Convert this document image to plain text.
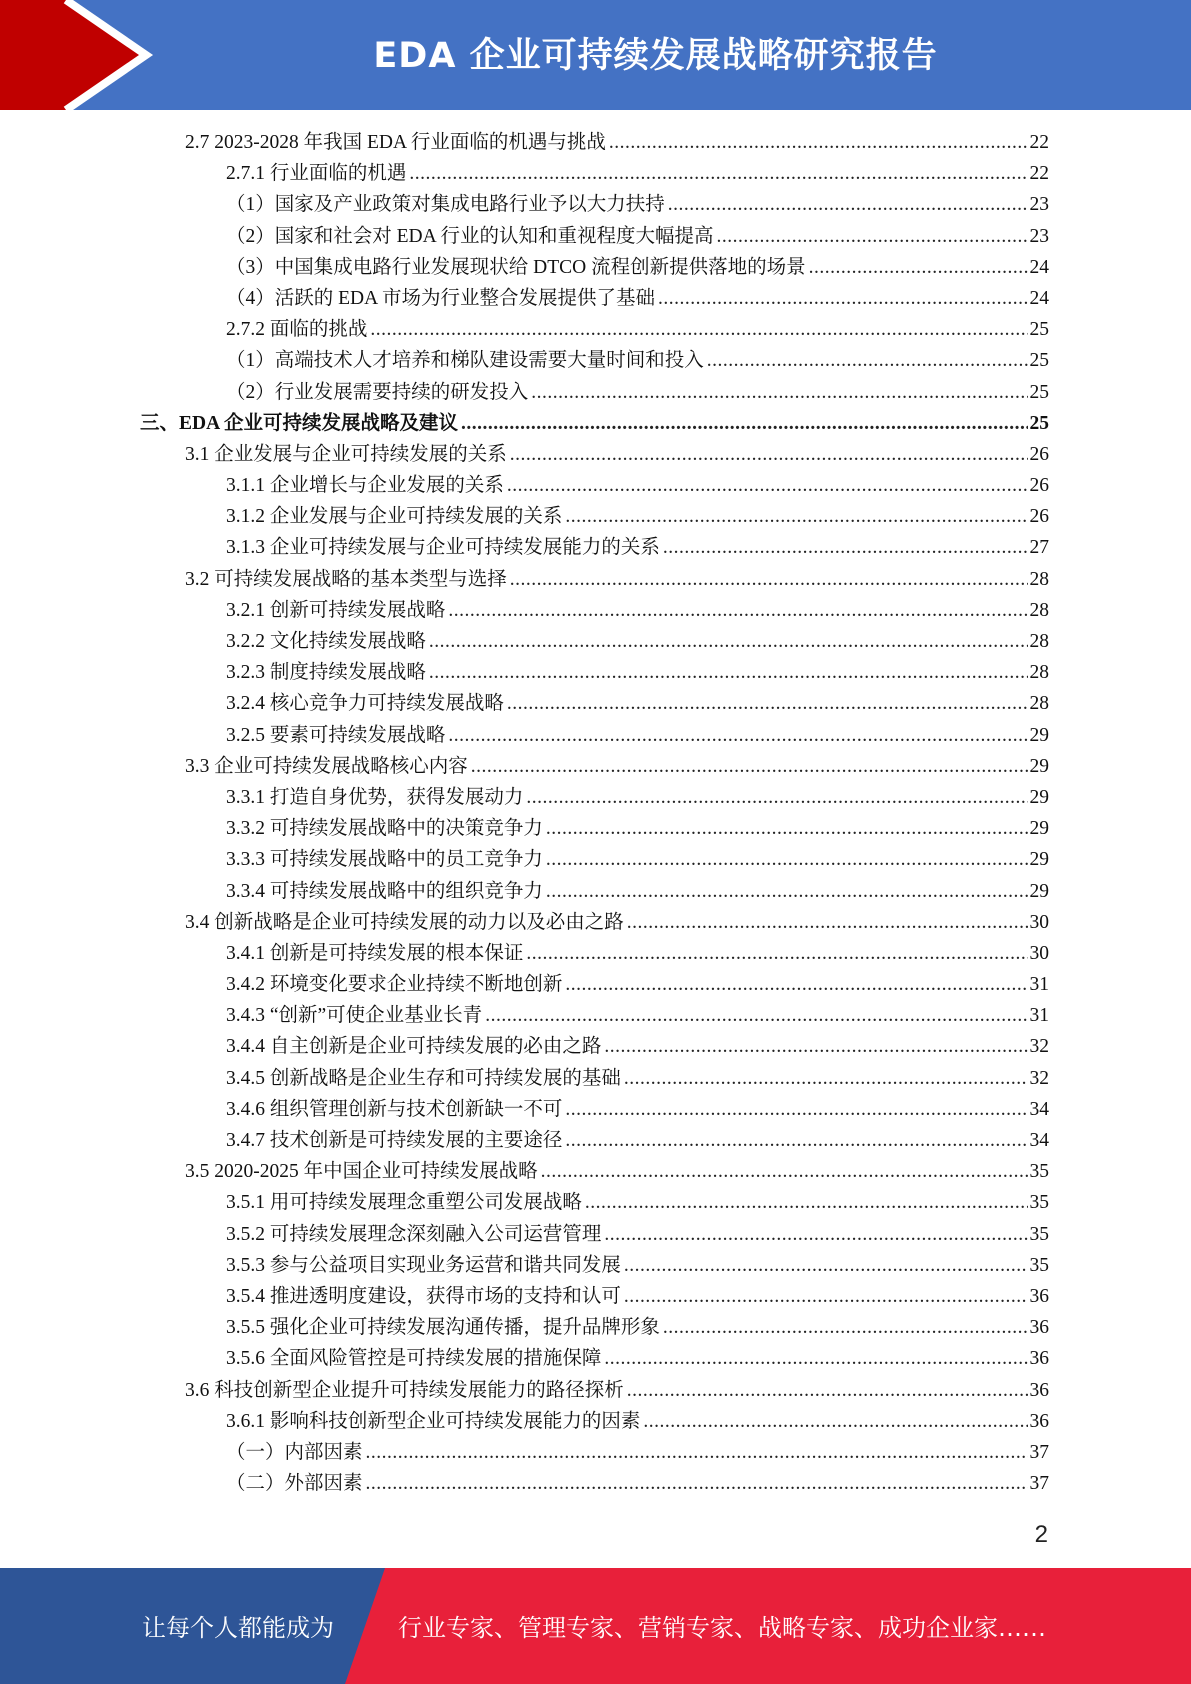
EDA 企业可持续发展战略研究报告
2.7 2023-2028 年我国 EDA 行业面临的机遇与挑战 .....	22
2.7.1 行业面临的机遇 .....	22
（1）国家及产业政策对集成电路行业予以大力扶持 .....	23
（2）国家和社会对 EDA 行业的认知和重视程度大幅提高 .....	23
（3）中国集成电路行业发展现状给 DTCO 流程创新提供落地的场景 .....	24
（4）活跃的 EDA 市场为行业整合发展提供了基础 .....	24
2.7.2 面临的挑战 .....	25
（1）高端技术人才培养和梯队建设需要大量时间和投入 .....	25
（2）行业发展需要持续的研发投入 .....	25
三、EDA 企业可持续发展战略及建议 .....	25
3.1 企业发展与企业可持续发展的关系 .....	26
3.1.1 企业增长与企业发展的关系 .....	26
3.1.2 企业发展与企业可持续发展的关系 .....	26
3.1.3 企业可持续发展与企业可持续发展能力的关系 .....	27
3.2 可持续发展战略的基本类型与选择 .....	28
3.2.1 创新可持续发展战略 .....	28
3.2.2 文化持续发展战略 .....	28
3.2.3 制度持续发展战略 .....	28
3.2.4 核心竞争力可持续发展战略 .....	28
3.2.5 要素可持续发展战略 .....	29
3.3 企业可持续发展战略核心内容 .....	29
3.3.1 打造自身优势，获得发展动力 .....	29
3.3.2 可持续发展战略中的决策竞争力 .....	29
3.3.3 可持续发展战略中的员工竞争力 .....	29
3.3.4 可持续发展战略中的组织竞争力 .....	29
3.4 创新战略是企业可持续发展的动力以及必由之路 .....	30
3.4.1 创新是可持续发展的根本保证 .....	30
3.4.2 环境变化要求企业持续不断地创新 .....	31
3.4.3 “创新”可使企业基业长青 .....	31
3.4.4 自主创新是企业可持续发展的必由之路 .....	32
3.4.5 创新战略是企业生存和可持续发展的基础 .....	32
3.4.6 组织管理创新与技术创新缺一不可 .....	34
3.4.7 技术创新是可持续发展的主要途径 .....	34
3.5 2020-2025 年中国企业可持续发展战略 .....	35
3.5.1 用可持续发展理念重塑公司发展战略 .....	35
3.5.2 可持续发展理念深刻融入公司运营管理 .....	35
3.5.3 参与公益项目实现业务运营和谐共同发展 .....	35
3.5.4 推进透明度建设，获得市场的支持和认可 .....	36
3.5.5 强化企业可持续发展沟通传播，提升品牌形象 .....	36
3.5.6 全面风险管控是可持续发展的措施保障 .....	36
3.6 科技创新型企业提升可持续发展能力的路径探析 .....	36
3.6.1 影响科技创新型企业可持续发展能力的因素 .....	36
（一）内部因素 .....	37
（二）外部因素 .....	37
2
让每个人都能成为	行业专家、管理专家、营销专家、战略专家、成功企业家……
